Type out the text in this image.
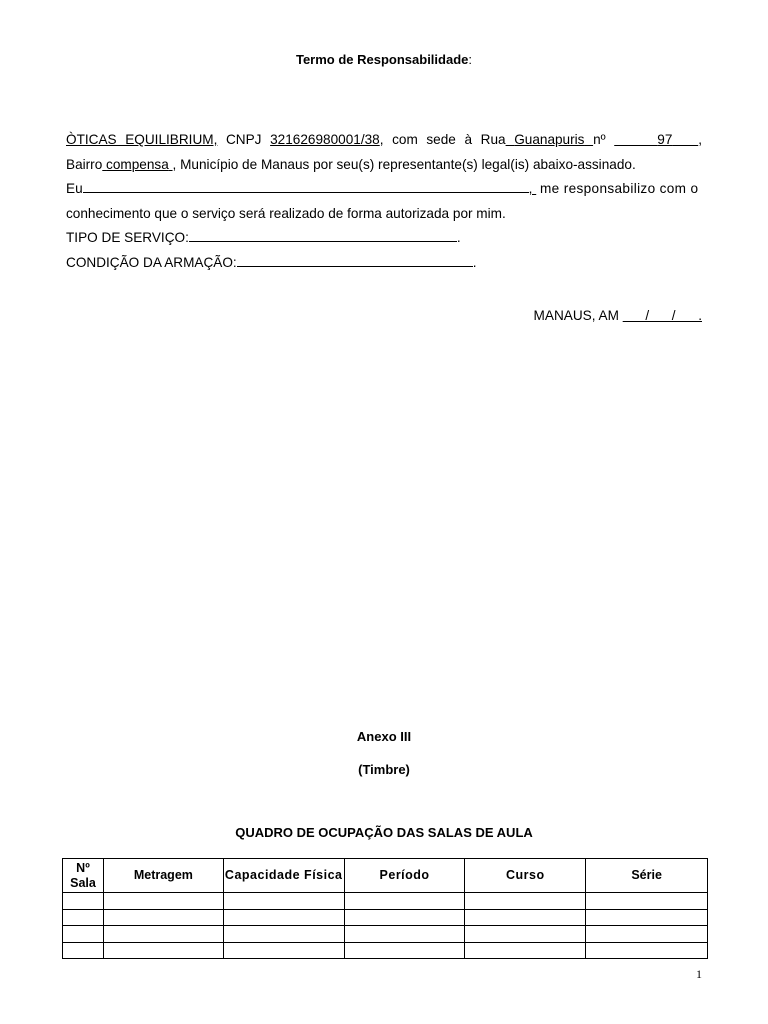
Termo de Responsabilidade:
ÒTICAS EQUILIBRIUM, CNPJ 321626980001/38, com sede à Rua Guanapuris nº	97 ,
Bairro compensa , Município de Manaus por seu(s) representante(s) legal(is) abaixo-assinado.
Eu	,  me responsabilizo com o
conhecimento que o serviço será realizado de forma autorizada por mim.
TIPO DE SERVIÇO:	.
CONDIÇÃO DA ARMAÇÃO:	.
MANAUS, AM       /      /      .
Anexo III
(Timbre)
QUADRO DE OCUPAÇÃO DAS SALAS DE AULA
Nº Sala	Metragem	Capacidade Física	Período	Curso	Série

1
